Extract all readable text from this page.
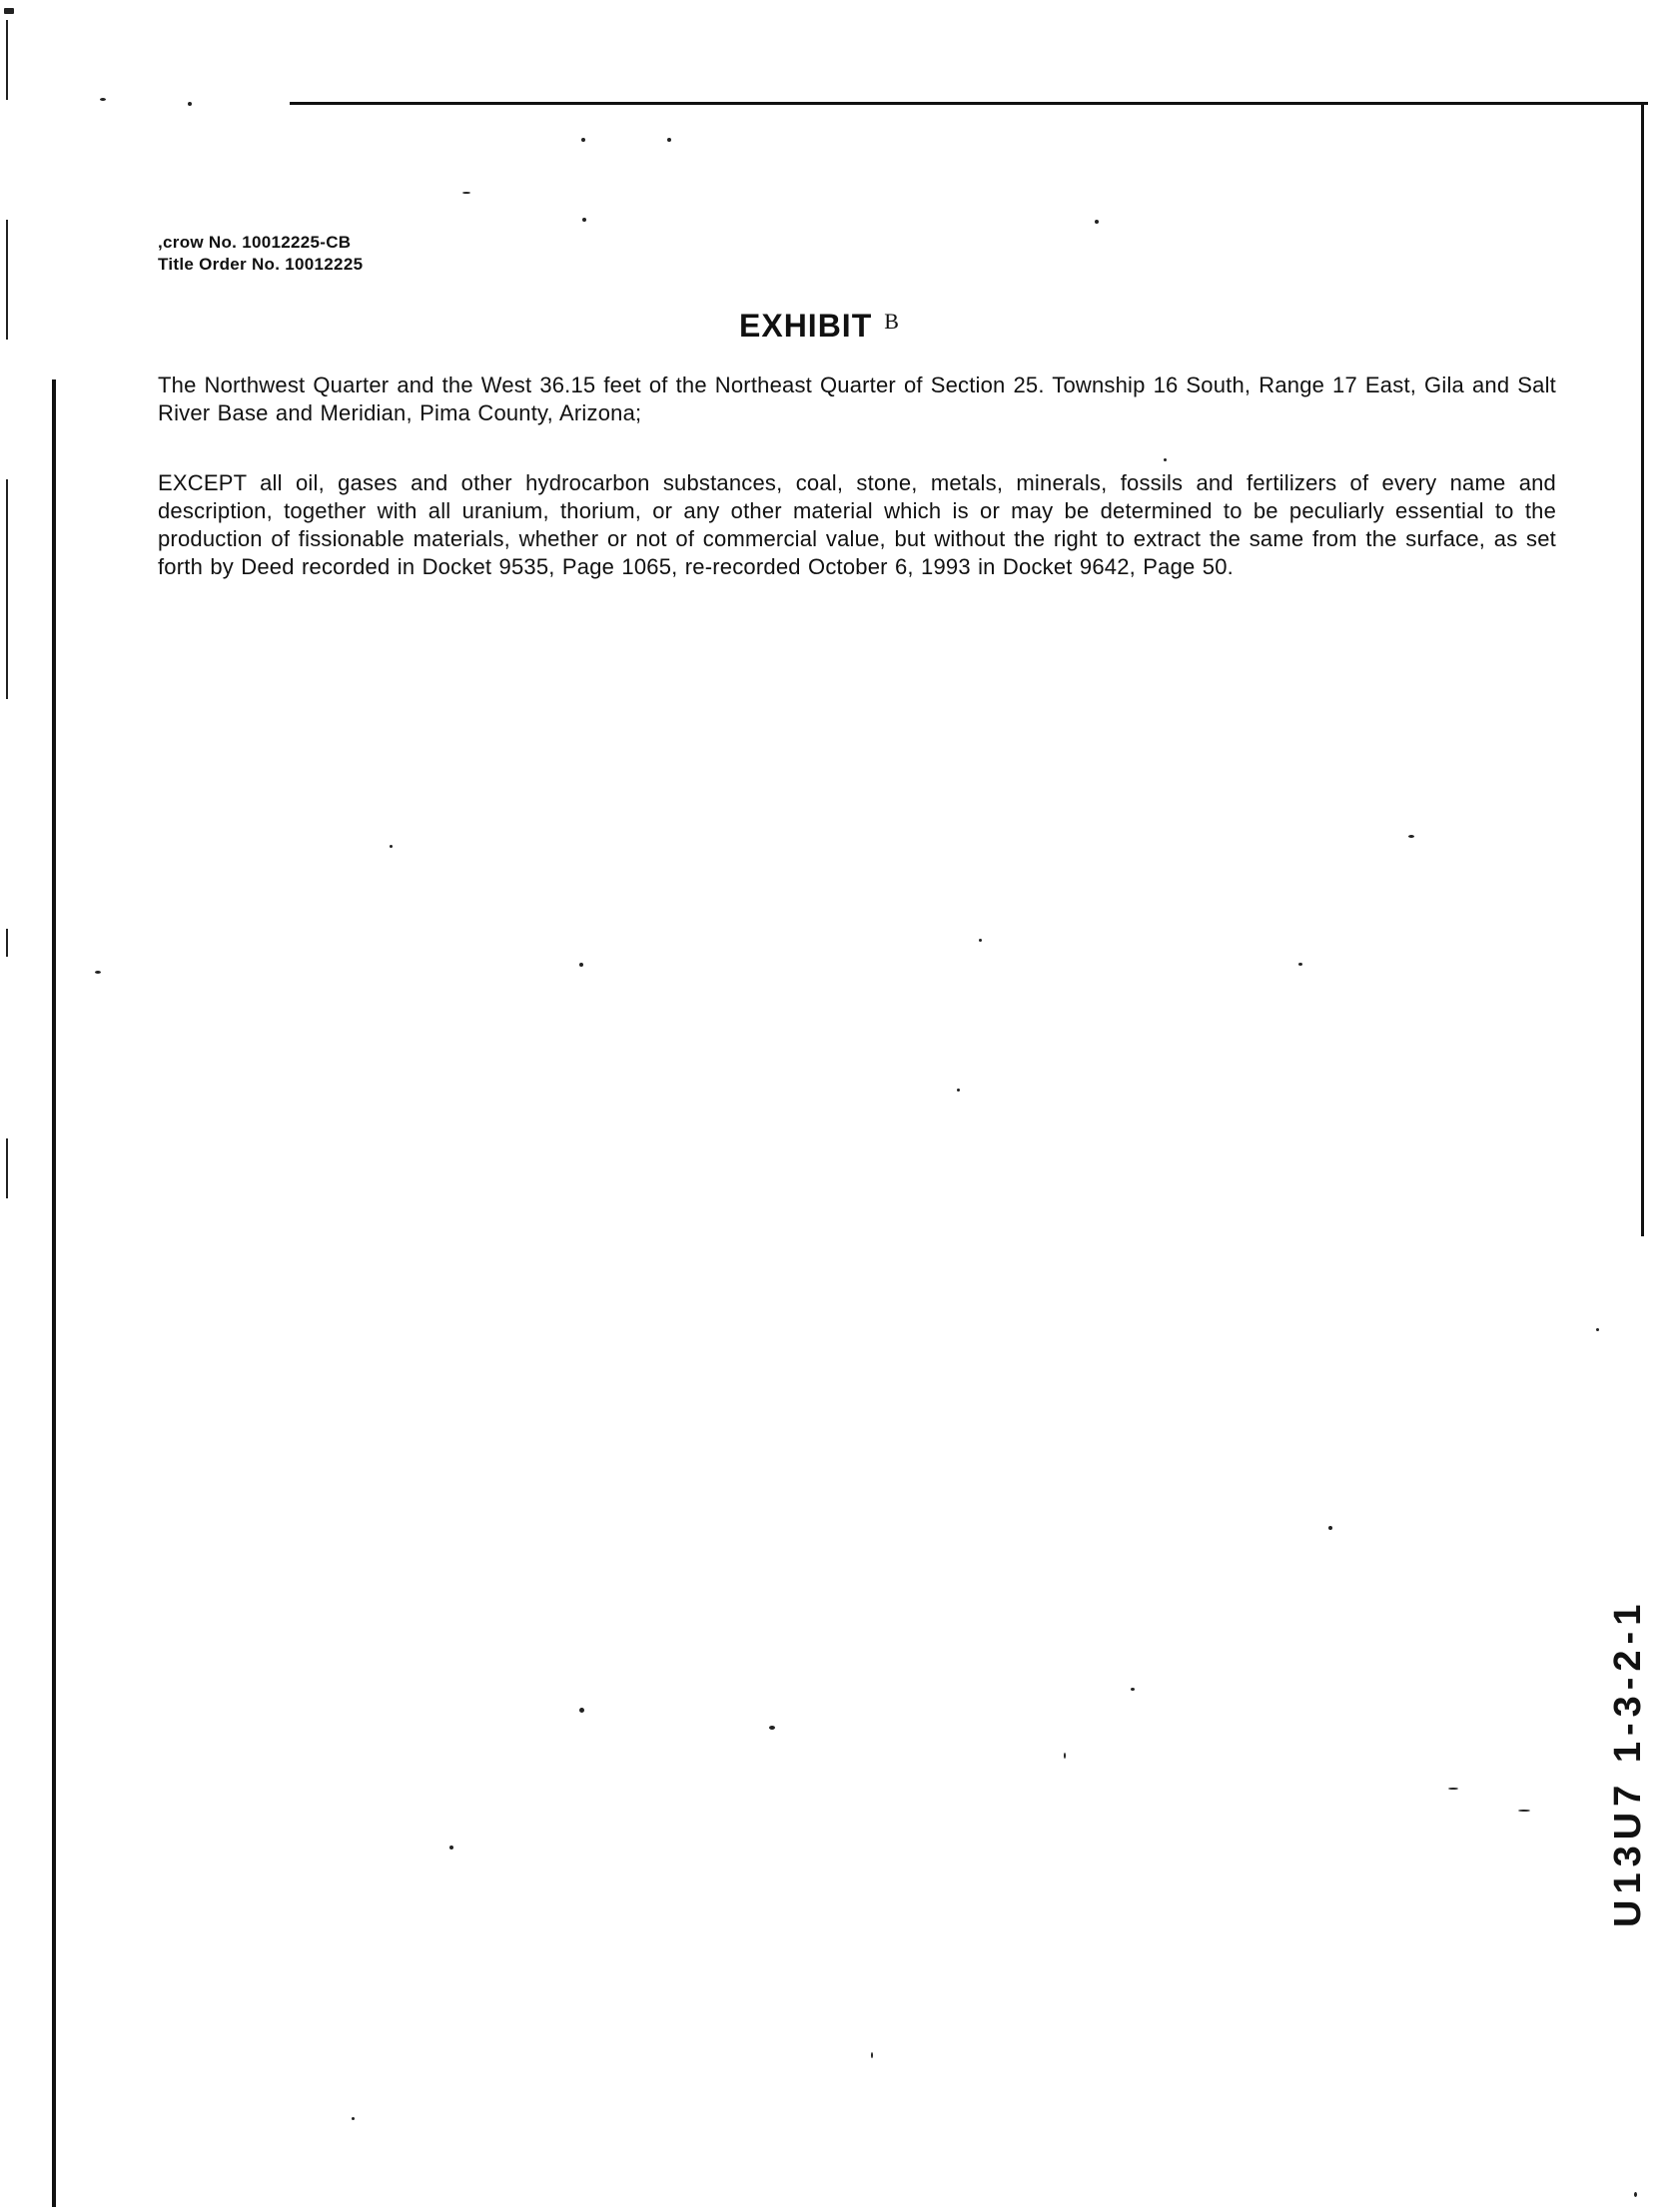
,crow No. 10012225-CB
Title Order No. 10012225
EXHIBIT B
The Northwest Quarter and the West 36.15 feet of the Northeast Quarter of Section 25. Township 16 South, Range 17 East, Gila and Salt River Base and Meridian, Pima County, Arizona;
EXCEPT all oil, gases and other hydrocarbon substances, coal, stone, metals, minerals, fossils and fertilizers of every name and description, together with all uranium, thorium, or any other material which is or may be determined to be peculiarly essential to the production of fissionable materials, whether or not of commercial value, but without the right to extract the same from the surface, as set forth by Deed recorded in Docket 9535, Page 1065, re-recorded October 6, 1993 in Docket 9642, Page 50.
U13U7 1-3-2-1
